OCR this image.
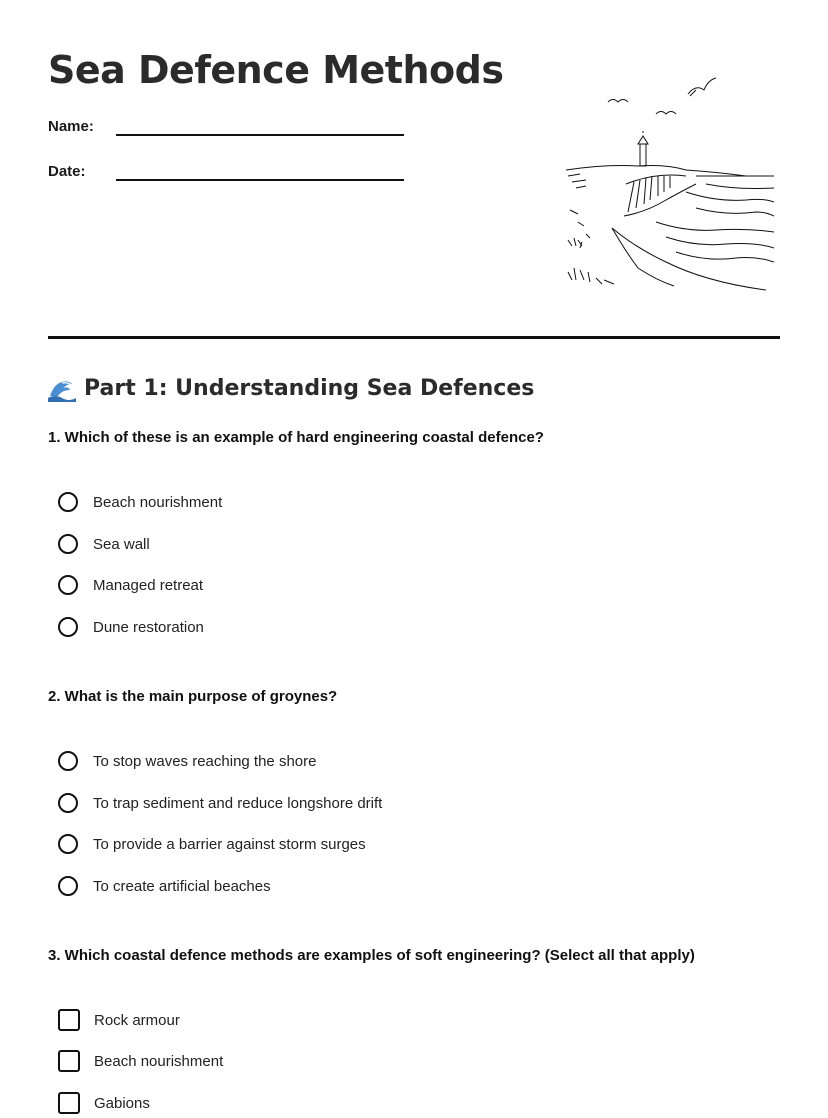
Sea Defence Methods
Name:
Date:
Part 1: Understanding Sea Defences

1. Which of these is an example of hard engineering coastal defence?

Beach nourishment
Sea wall
Managed retreat
Dune restoration

2. What is the main purpose of groynes?

To stop waves reaching the shore
To trap sediment and reduce longshore drift
To provide a barrier against storm surges
To create artificial beaches

3. Which coastal defence methods are examples of soft engineering? (Select all that apply)

Rock armour
Beach nourishment
Gabions
